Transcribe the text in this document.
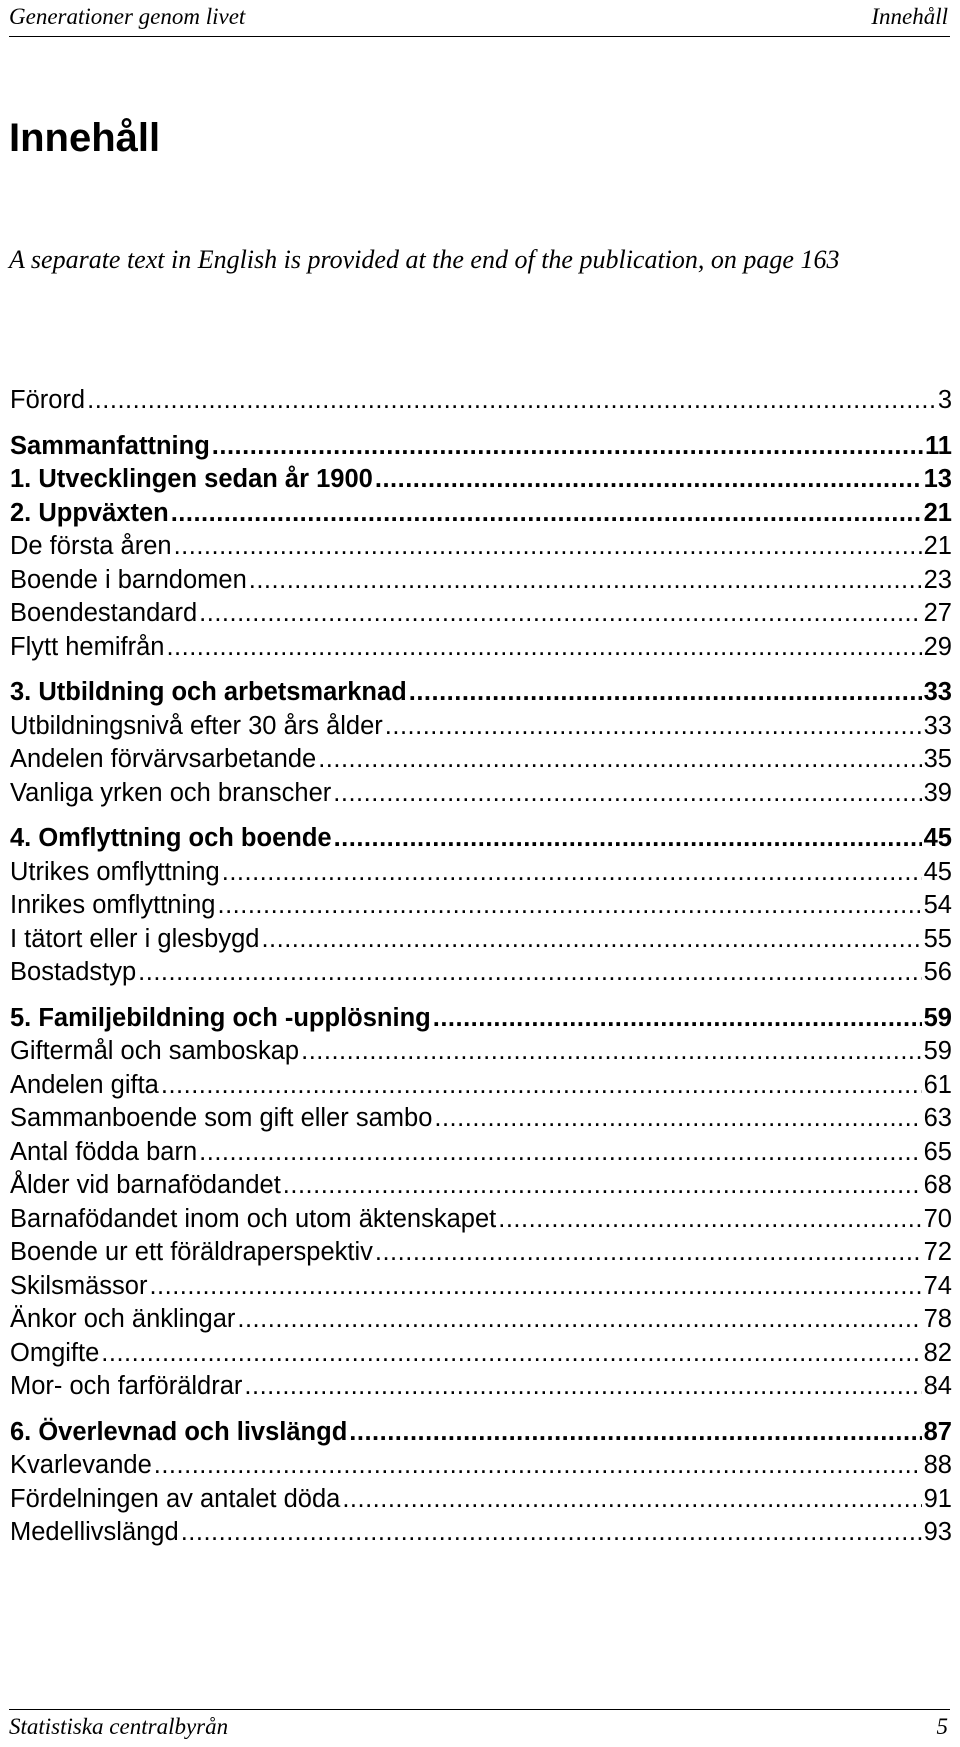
Generationer genom livet	Innehåll
Innehåll
A separate text in English is provided at the end of the publication, on page 163
Förord .....	3
Sammanfattning .....	11
1. Utvecklingen sedan år 1900 .....	13
2. Uppväxten .....	21
De första åren .....	21
Boende i barndomen .....	23
Boendestandard .....	27
Flytt hemifrån .....	29
3. Utbildning och arbetsmarknad .....	33
Utbildningsnivå efter 30 års ålder .....	33
Andelen förvärvsarbetande .....	35
Vanliga yrken och branscher .....	39
4. Omflyttning och boende .....	45
Utrikes omflyttning .....	45
Inrikes omflyttning .....	54
I tätort eller i glesbygd .....	55
Bostadstyp .....	56
5. Familjebildning och -upplösning .....	59
Giftermål och samboskap .....	59
Andelen gifta .....	61
Sammanboende som gift eller sambo .....	63
Antal födda barn .....	65
Ålder vid barnafödandet .....	68
Barnafödandet inom och utom äktenskapet .....	70
Boende ur ett föräldraperspektiv .....	72
Skilsmässor .....	74
Änkor och änklingar .....	78
Omgifte .....	82
Mor- och farföräldrar .....	84
6. Överlevnad och livslängd .....	87
Kvarlevande .....	88
Fördelningen av antalet döda .....	91
Medellivslängd .....	93
Statistiska centralbyrån	5
